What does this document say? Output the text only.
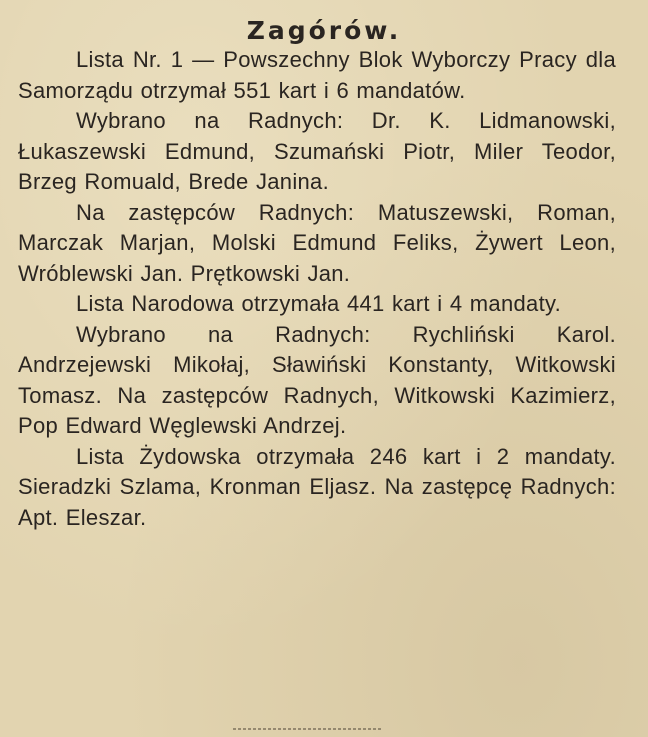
Zagórów.

Lista Nr. 1 — Powszechny Blok Wyborczy Pracy dla Samorządu otrzymał 551 kart i 6 mandatów.

Wybrano na Radnych: Dr. K. Lidmanowski, Łukaszewski Edmund, Szumański Piotr, Miler Teodor, Brzeg Romuald, Brede Janina.

Na zastępców Radnych: Matuszewski, Roman, Marczak Marjan, Molski Edmund Feliks, Żywert Leon, Wróblewski Jan. Prętkowski Jan.

Lista Narodowa otrzymała 441 kart i 4 mandaty.

Wybrano na Radnych: Rychliński Karol. Andrzejewski Mikołaj, Sławiński Konstanty, Witkowski Tomasz. Na zastępców Radnych, Witkowski Kazimierz, Pop Edward Węglewski Andrzej.

Lista Żydowska otrzymała 246 kart i 2 mandaty. Sieradzki Szlama, Kronman Eljasz. Na zastępcę Radnych: Apt. Eleszar.
